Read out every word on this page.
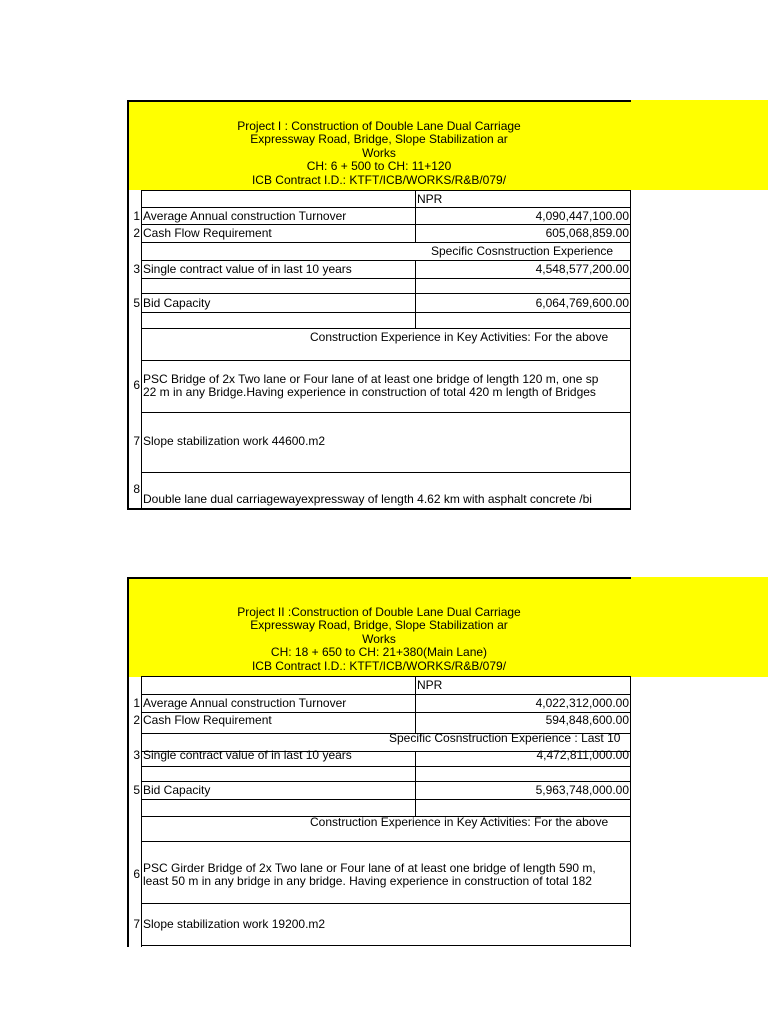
Project I : Construction of Double Lane Dual Carriage
Expressway Road, Bridge, Slope Stabilization ar
Works
CH: 6 + 500 to CH: 11+120
ICB Contract I.D.: KTFT/ICB/WORKS/R&B/079/
NPR
1 Average Annual construction Turnover	4,090,447,100.00
2 Cash Flow Requirement	605,068,859.00
Specific Cosnstruction Experience
3 Single contract value of in last 10 years	4,548,577,200.00
5 Bid Capacity	6,064,769,600.00
Construction Experience in Key Activities: For the above
6 PSC Bridge of 2x Two lane or Four lane of at least one bridge of length 120 m, one sp
22 m in any Bridge.Having experience in construction of total 420 m length of Bridges
7 Slope stabilization work 44600.m2
8
Double lane dual carriagewayexpressway of length 4.62 km with asphalt concrete /bi
Project II :Construction of Double Lane Dual Carriage
Expressway Road, Bridge, Slope Stabilization ar
Works
CH: 18 + 650 to CH: 21+380(Main Lane)
ICB Contract I.D.: KTFT/ICB/WORKS/R&B/079/
NPR
1 Average Annual construction Turnover	4,022,312,000.00
2 Cash Flow Requirement	594,848,600.00
Specific Cosnstruction Experience : Last 10
3 Single contract value of in last 10 years	4,472,811,000.00
5 Bid Capacity	5,963,748,000.00
Construction Experience in Key Activities: For the above
6 PSC Girder Bridge of 2x Two lane or Four lane of at least one bridge of length 590 m,
least 50 m in any bridge in any bridge. Having experience in construction of total 182
7 Slope stabilization work 19200.m2
